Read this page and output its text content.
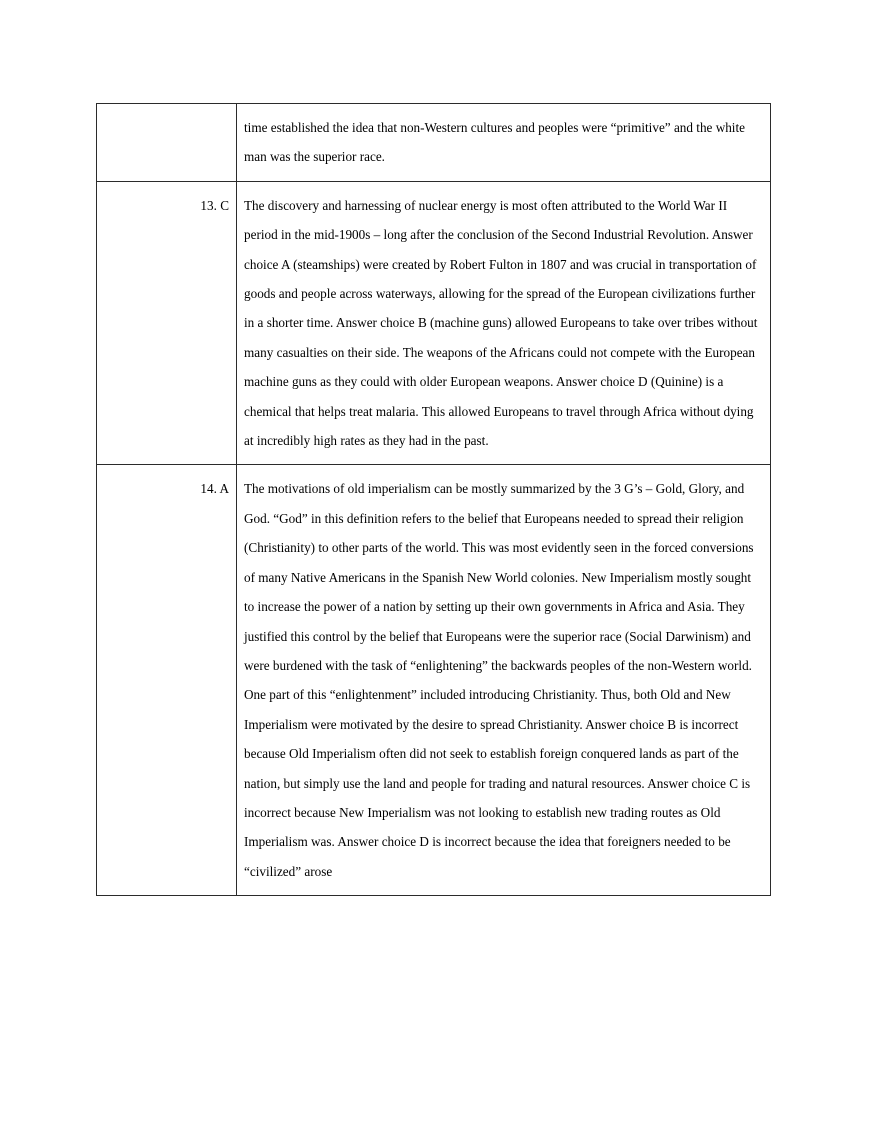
	time established the idea that non-Western cultures and peoples were “primitive” and the white man was the superior race.

13. C	The discovery and harnessing of nuclear energy is most often attributed to the World War II period in the mid-1900s – long after the conclusion of the Second Industrial Revolution. Answer choice A (steamships) were created by Robert Fulton in 1807 and was crucial in transportation of goods and people across waterways, allowing for the spread of the European civilizations further in a shorter time. Answer choice B (machine guns) allowed Europeans to take over tribes without many casualties on their side. The weapons of the Africans could not compete with the European machine guns as they could with older European weapons. Answer choice D (Quinine) is a chemical that helps treat malaria. This allowed Europeans to travel through Africa without dying at incredibly high rates as they had in the past.

14. A	The motivations of old imperialism can be mostly summarized by the 3 G’s – Gold, Glory, and God. “God” in this definition refers to the belief that Europeans needed to spread their religion (Christianity) to other parts of the world. This was most evidently seen in the forced conversions of many Native Americans in the Spanish New World colonies. New Imperialism mostly sought to increase the power of a nation by setting up their own governments in Africa and Asia. They justified this control by the belief that Europeans were the superior race (Social Darwinism) and were burdened with the task of “enlightening” the backwards peoples of the non-Western world. One part of this “enlightenment” included introducing Christianity. Thus, both Old and New Imperialism were motivated by the desire to spread Christianity. Answer choice B is incorrect because Old Imperialism often did not seek to establish foreign conquered lands as part of the nation, but simply use the land and people for trading and natural resources. Answer choice C is incorrect because New Imperialism was not looking to establish new trading routes as Old Imperialism was. Answer choice D is incorrect because the idea that foreigners needed to be “civilized” arose
